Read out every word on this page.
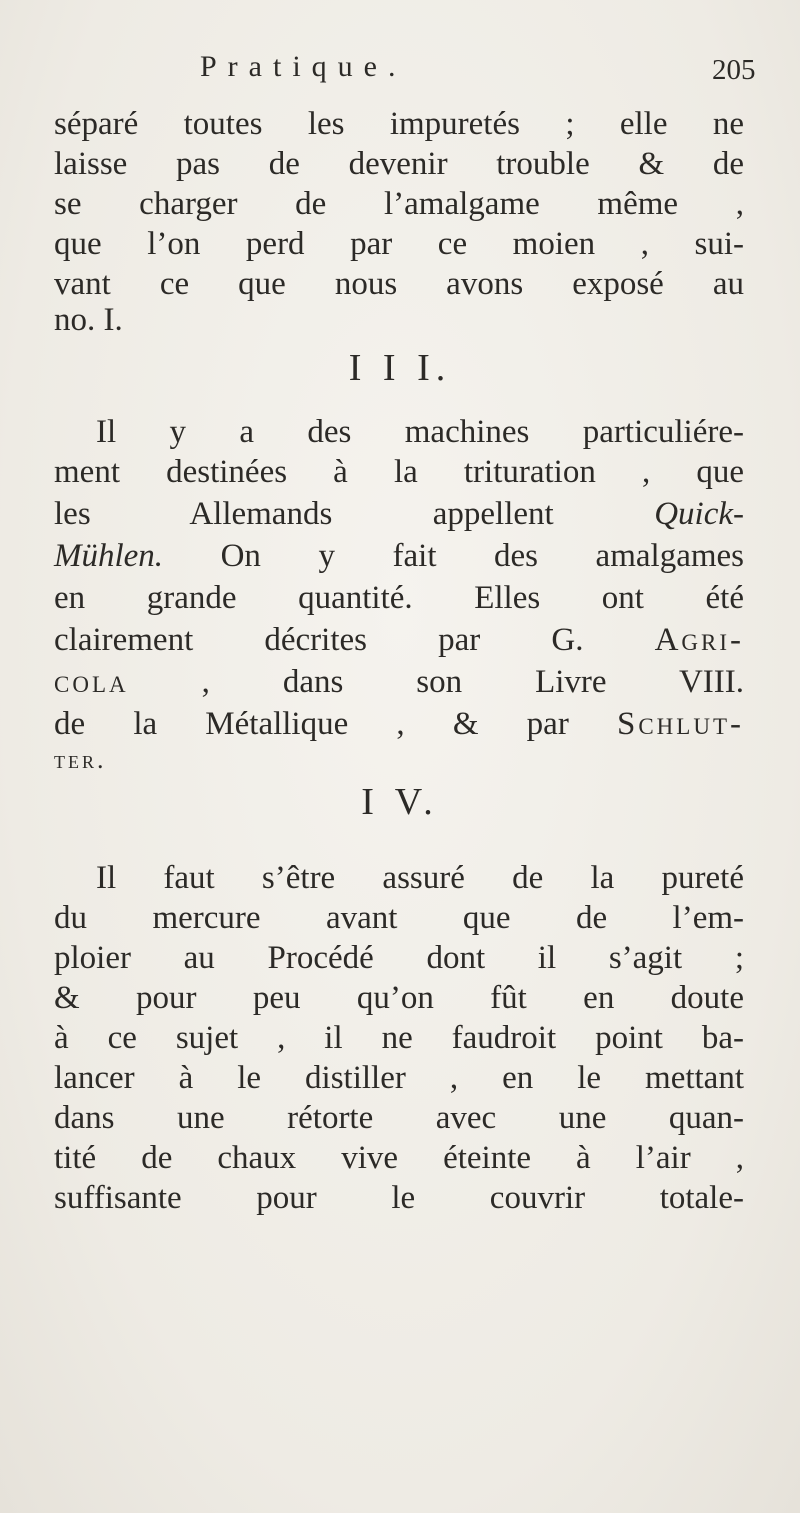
Pratique.	205
séparé toutes les impuretés ; elle ne
laisse pas de devenir trouble & de
se charger de l’amalgame même ,
que l’on perd par ce moien , sui-
vant ce que nous avons exposé au
no. I.
I I I.
Il y a des machines particuliére-
ment destinées à la trituration , que
les Allemands appellent Quick-
Mühlen. On y fait des amalgames
en grande quantité. Elles ont été
clairement décrites par G. Agri-
cola , dans son Livre VIII.
de la Métallique , & par Schlut-
ter.
I V.
Il faut s’être assuré de la pureté
du mercure avant que de l’em-
ploier au Procédé dont il s’agit ;
& pour peu qu’on fût en doute
à ce sujet , il ne faudroit point ba-
lancer à le distiller , en le mettant
dans une rétorte avec une quan-
tité de chaux vive éteinte à l’air ,
suffisante pour le couvrir totale-
